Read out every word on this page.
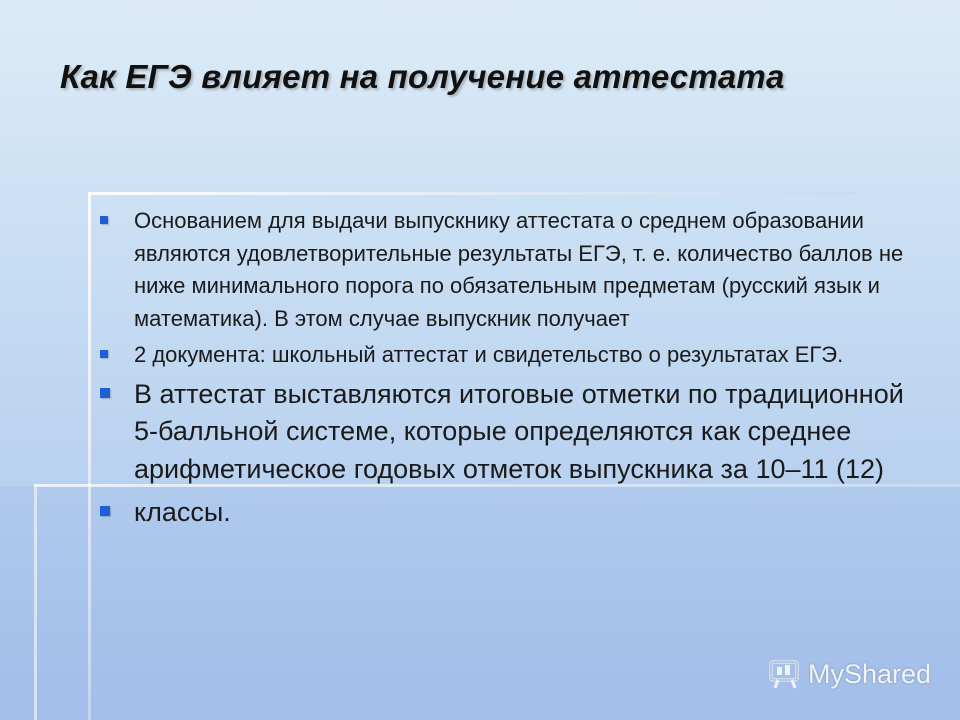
Как ЕГЭ влияет на получение аттестата
Основанием для выдачи выпускнику аттестата о среднем образовании являются удовлетворительные результаты ЕГЭ, т. е. количество баллов не ниже минимального порога по обязательным предметам (русский язык и математика). В этом случае выпускник получает
2 документа: школьный аттестат и свидетельство о результатах ЕГЭ.
В аттестат выставляются итоговые отметки по традиционной 5-балльной системе, которые определяются как среднее арифметическое годовых отметок выпускника за 10–11 (12)
классы.
MyShared
